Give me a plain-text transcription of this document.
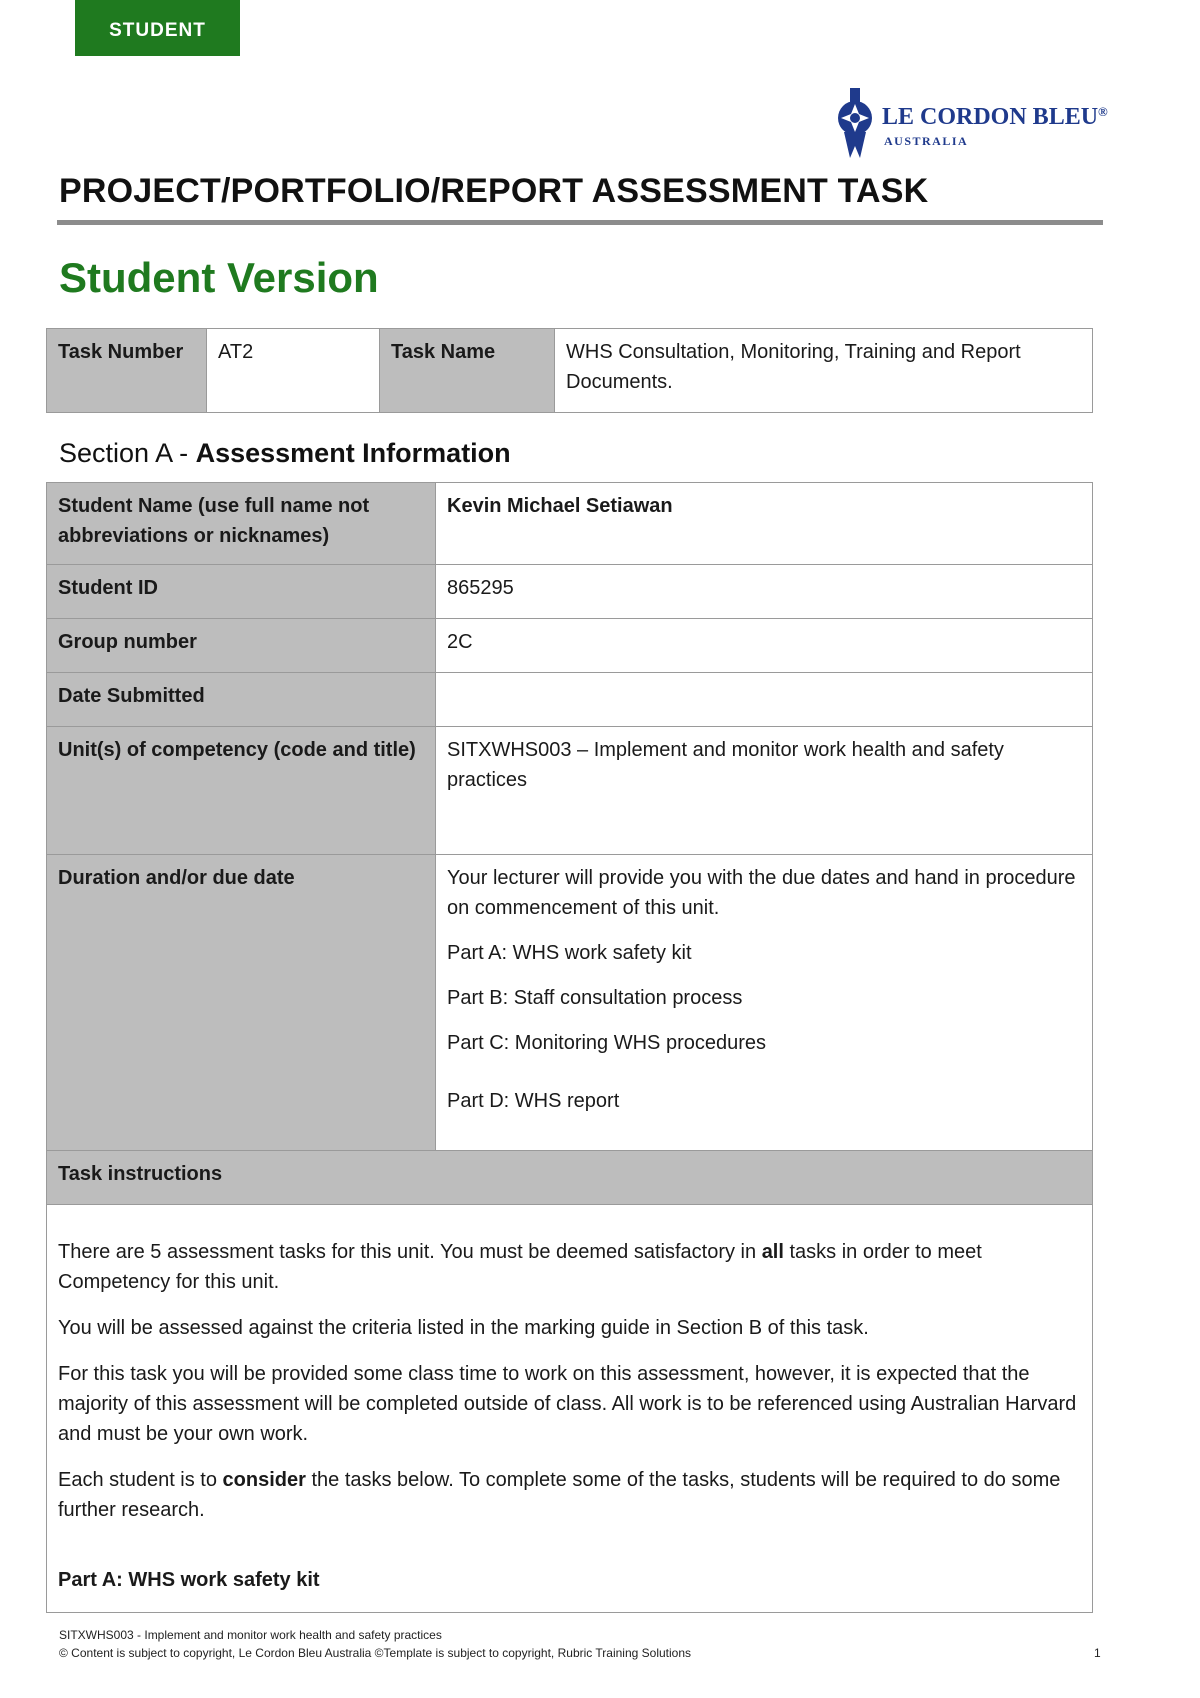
STUDENT
LE CORDON BLEU®
AUSTRALIA
PROJECT/PORTFOLIO/REPORT ASSESSMENT TASK
Student Version
Task Number	AT2	Task Name	WHS Consultation, Monitoring, Training and Report Documents.
Section A - Assessment Information
Student Name (use full name not abbreviations or nicknames)	Kevin Michael Setiawan
Student ID	865295
Group number	2C
Date Submitted	
Unit(s) of competency (code and title)	SITXWHS003 – Implement and monitor work health and safety practices
Duration and/or due date	Your lecturer will provide you with the due dates and hand in procedure on commencement of this unit.

Part A: WHS work safety kit

Part B: Staff consultation process

Part C: Monitoring WHS procedures

Part D: WHS report

Task instructions	

There are 5 assessment tasks for this unit. You must be deemed satisfactory in all tasks in order to meet Competency for this unit.

You will be assessed against the criteria listed in the marking guide in Section B of this task.

For this task you will be provided some class time to work on this assessment, however, it is expected that the majority of this assessment will be completed outside of class. All work is to be referenced using Australian Harvard and must be your own work.

Each student is to consider the tasks below. To complete some of the tasks, students will be required to do some further research.

Part A: WHS work safety kit	

SITXWHS003 - Implement and monitor work health and safety practices
© Content is subject to copyright, Le Cordon Bleu Australia ©Template is subject to copyright, Rubric Training Solutions	1
